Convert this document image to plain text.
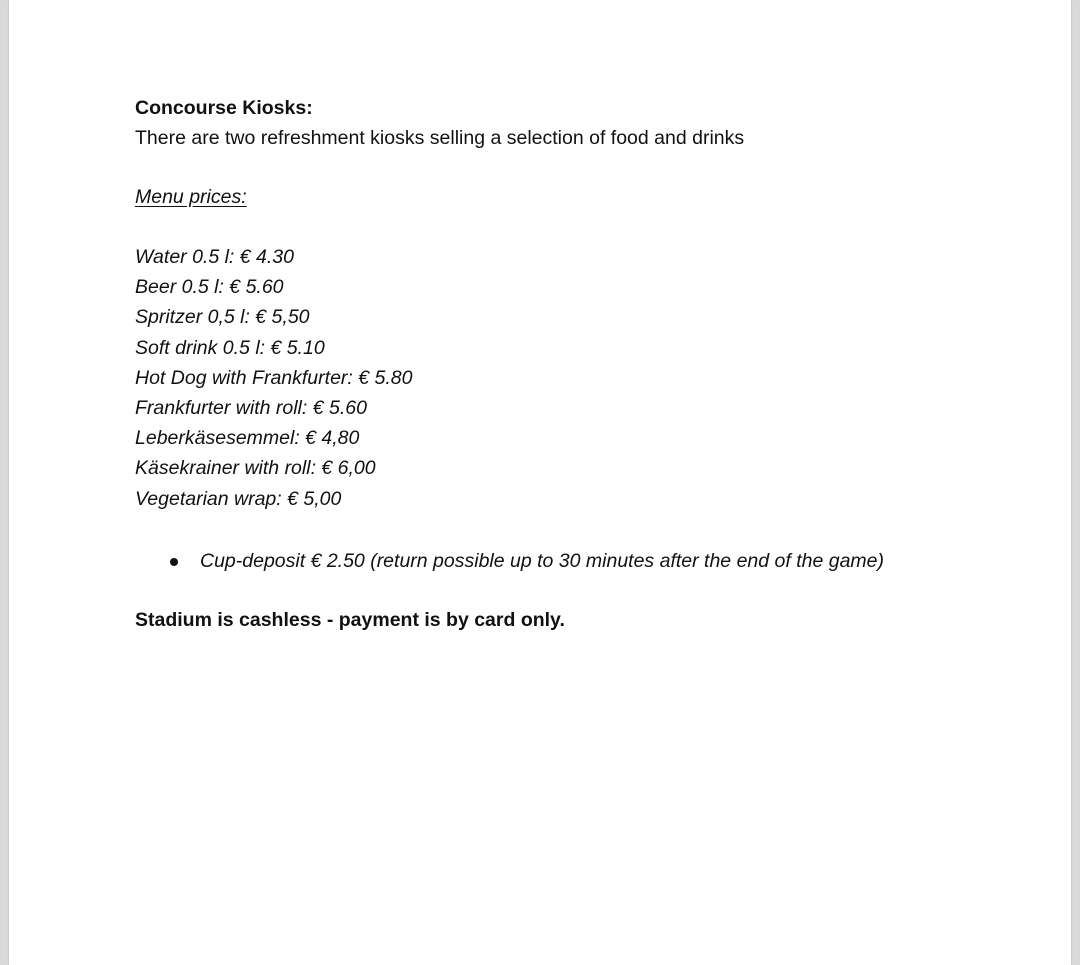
Concourse Kiosks:

There are two refreshment kiosks selling a selection of food and drinks

Menu prices:
Water 0.5 l: € 4.30
Beer 0.5 l: € 5.60
Spritzer 0,5 l: € 5,50
Soft drink 0.5 l: € 5.10
Hot Dog with Frankfurter: € 5.80
Frankfurter with roll: € 5.60
Leberkäsesemmel: € 4,80
Käsekrainer with roll: € 6,00
Vegetarian wrap: € 5,00
Cup-deposit € 2.50 (return possible up to 30 minutes after the end of the game)
Stadium is cashless - payment is by card only.
